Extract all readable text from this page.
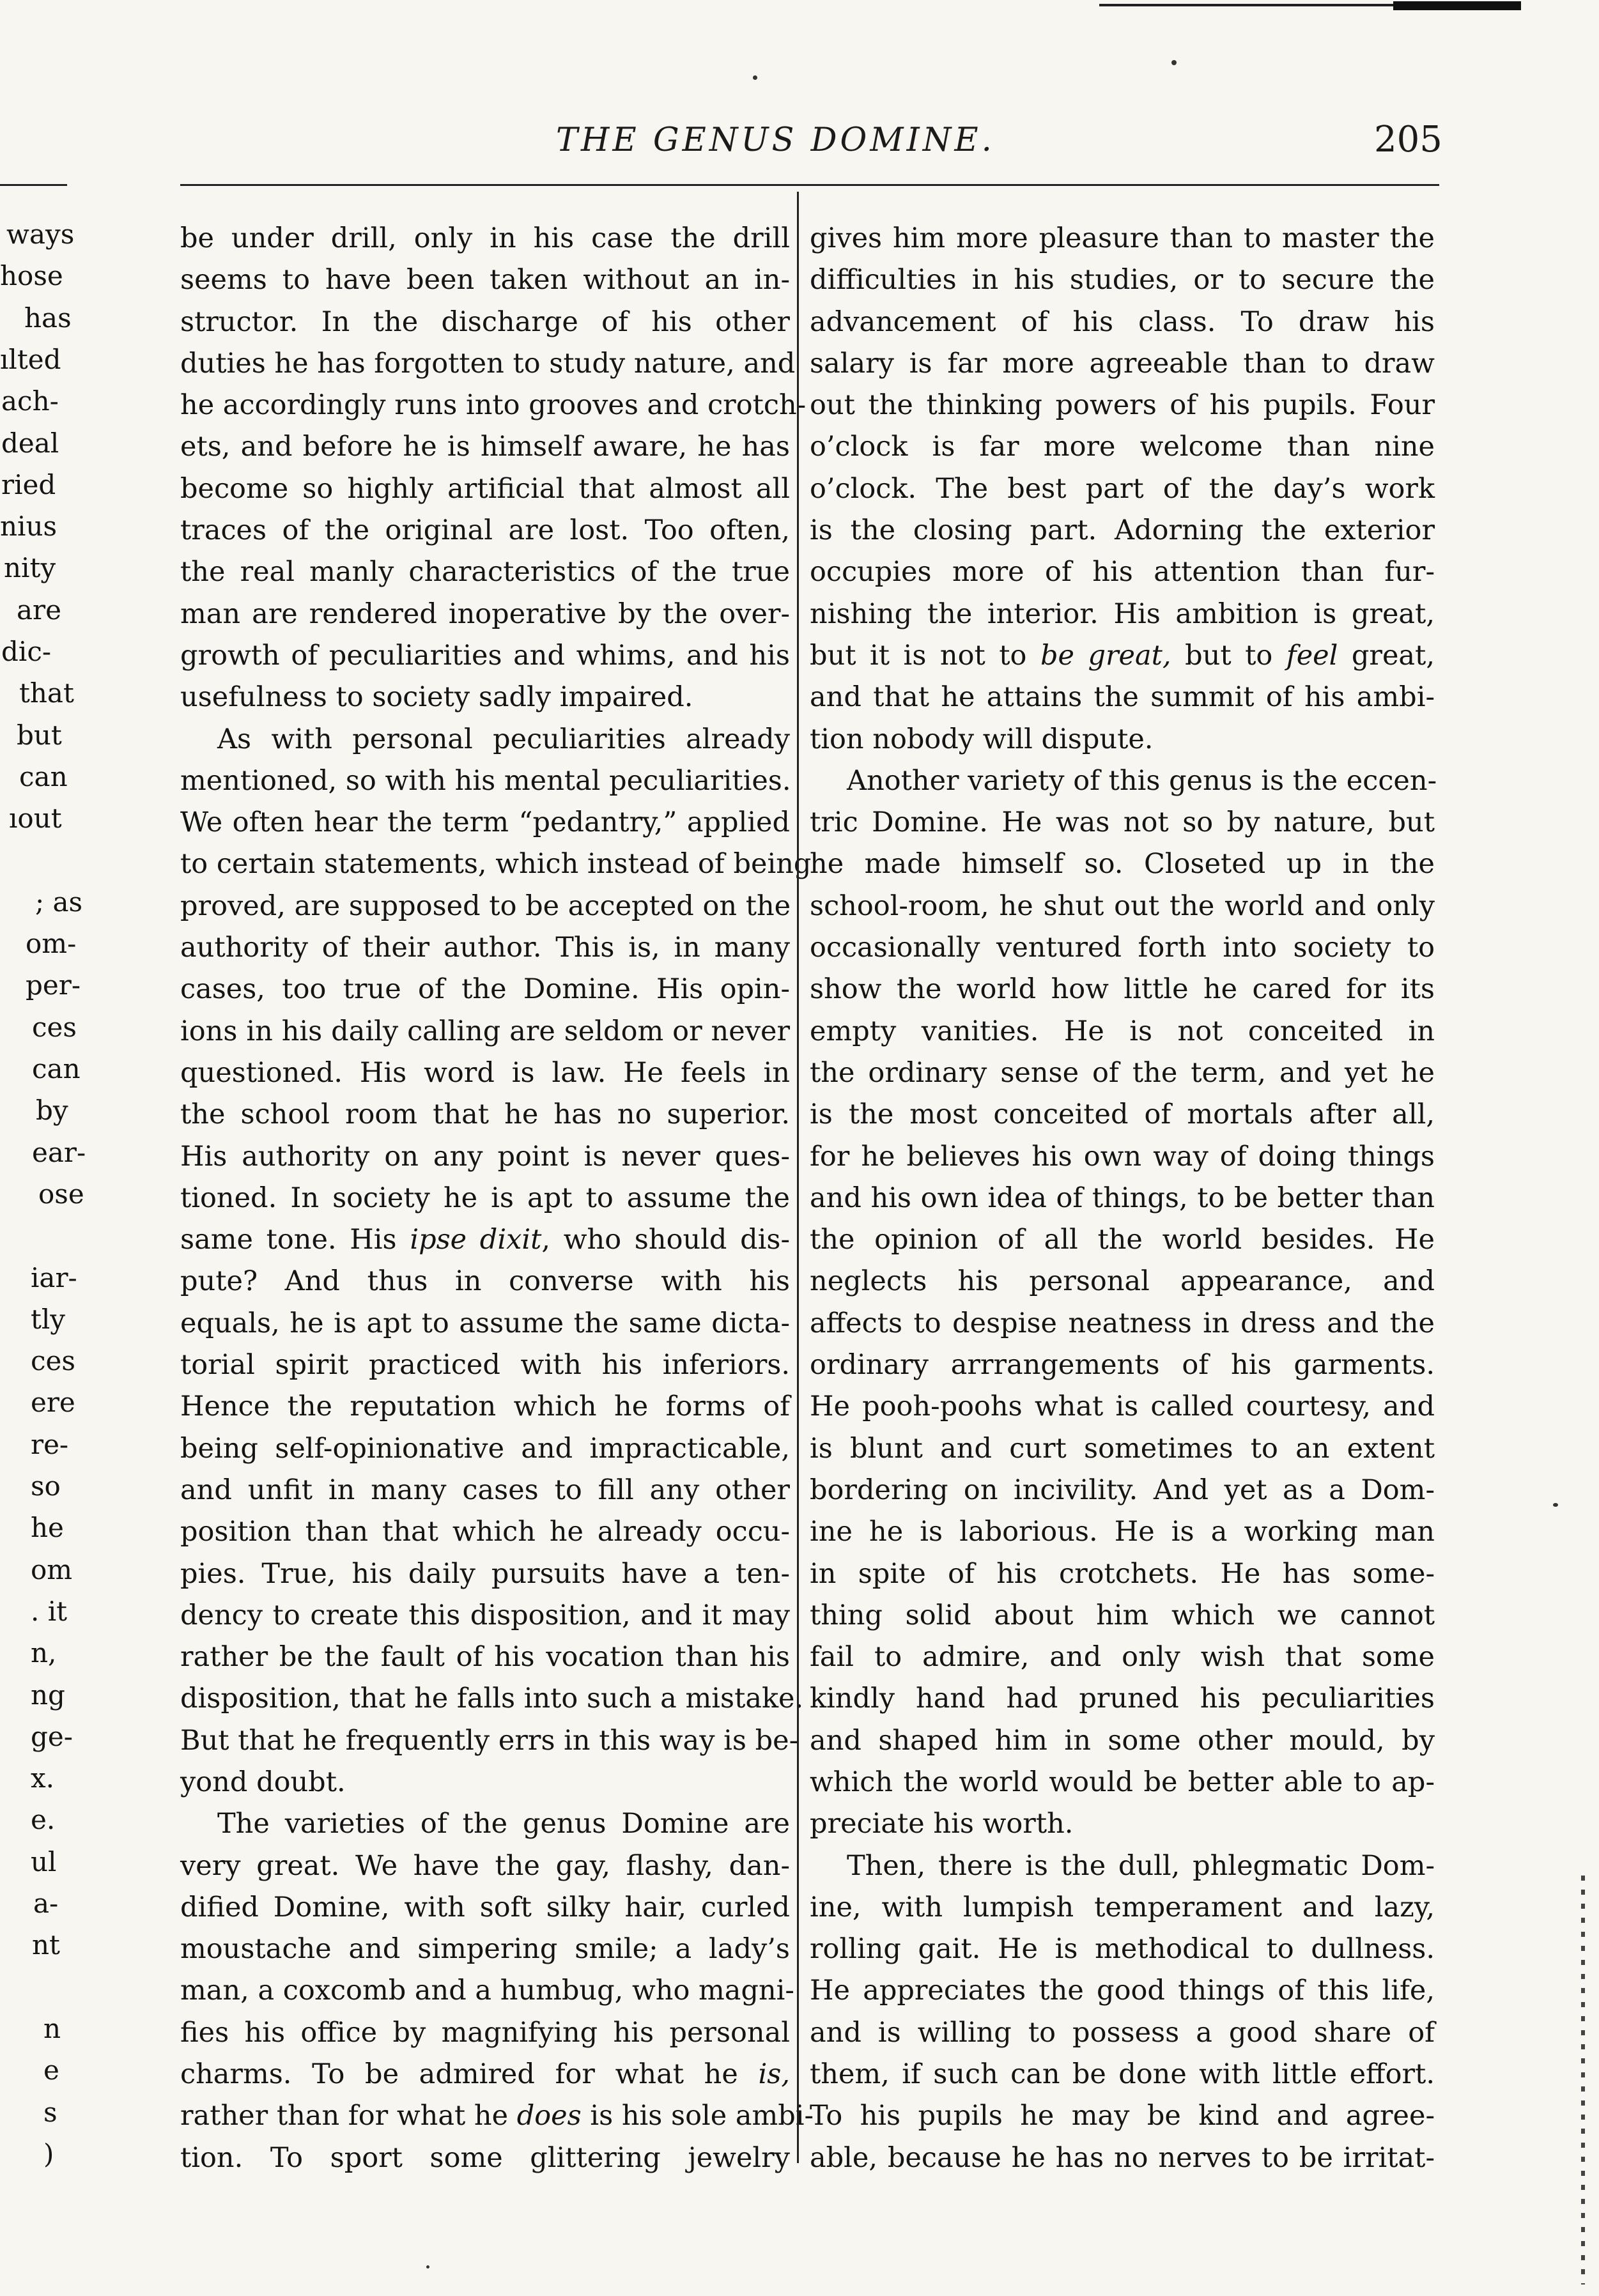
THE GENUS DOMINE.	205
ways
hose
has
ılted
ach-
deal
ried
nius
nity
are
dic-
that
but
can
ıout
; as
om-
per-
ces
can
by
ear-
ose
iar-
tly
ces
ere
re-
so
he
om
. it
n,
ng
ge-
x.
e.
ul
a-
nt
n
e
s
)
be under drill, only in his case the drill
seems to have been taken without an in-
structor. In the discharge of his other
duties he has forgotten to study nature, and
he accordingly runs into grooves and crotch-
ets, and before he is himself aware, he has
become so highly artificial that almost all
traces of the original are lost. Too often,
the real manly characteristics of the true
man are rendered inoperative by the over-
growth of peculiarities and whims, and his
usefulness to society sadly impaired.
As with personal peculiarities already
mentioned, so with his mental peculiarities.
We often hear the term “pedantry,” applied
to certain statements, which instead of being
proved, are supposed to be accepted on the
authority of their author. This is, in many
cases, too true of the Domine. His opin-
ions in his daily calling are seldom or never
questioned. His word is law. He feels in
the school room that he has no superior.
His authority on any point is never ques-
tioned. In society he is apt to assume the
same tone. His ipse dixit, who should dis-
pute? And thus in converse with his
equals, he is apt to assume the same dicta-
torial spirit practiced with his inferiors.
Hence the reputation which he forms of
being self-opinionative and impracticable,
and unfit in many cases to fill any other
position than that which he already occu-
pies. True, his daily pursuits have a ten-
dency to create this disposition, and it may
rather be the fault of his vocation than his
disposition, that he falls into such a mistake.
But that he frequently errs in this way is be-
yond doubt.
The varieties of the genus Domine are
very great. We have the gay, flashy, dan-
dified Domine, with soft silky hair, curled
moustache and simpering smile; a lady’s
man, a coxcomb and a humbug, who magni-
fies his office by magnifying his personal
charms. To be admired for what he is,
rather than for what he does is his sole ambi-
tion. To sport some glittering jewelry
gives him more pleasure than to master the
difficulties in his studies, or to secure the
advancement of his class. To draw his
salary is far more agreeable than to draw
out the thinking powers of his pupils. Four
o’clock is far more welcome than nine
o’clock. The best part of the day’s work
is the closing part. Adorning the exterior
occupies more of his attention than fur-
nishing the interior. His ambition is great,
but it is not to be great, but to feel great,
and that he attains the summit of his ambi-
tion nobody will dispute.
Another variety of this genus is the eccen-
tric Domine. He was not so by nature, but
he made himself so. Closeted up in the
school-room, he shut out the world and only
occasionally ventured forth into society to
show the world how little he cared for its
empty vanities. He is not conceited in
the ordinary sense of the term, and yet he
is the most conceited of mortals after all,
for he believes his own way of doing things
and his own idea of things, to be better than
the opinion of all the world besides. He
neglects his personal appearance, and
affects to despise neatness in dress and the
ordinary arrrangements of his garments.
He pooh-poohs what is called courtesy, and
is blunt and curt sometimes to an extent
bordering on incivility. And yet as a Dom-
ine he is laborious. He is a working man
in spite of his crotchets. He has some-
thing solid about him which we cannot
fail to admire, and only wish that some
kindly hand had pruned his peculiarities
and shaped him in some other mould, by
which the world would be better able to ap-
preciate his worth.
Then, there is the dull, phlegmatic Dom-
ine, with lumpish temperament and lazy,
rolling gait. He is methodical to dullness.
He appreciates the good things of this life,
and is willing to possess a good share of
them, if such can be done with little effort.
To his pupils he may be kind and agree-
able, because he has no nerves to be irritat-
